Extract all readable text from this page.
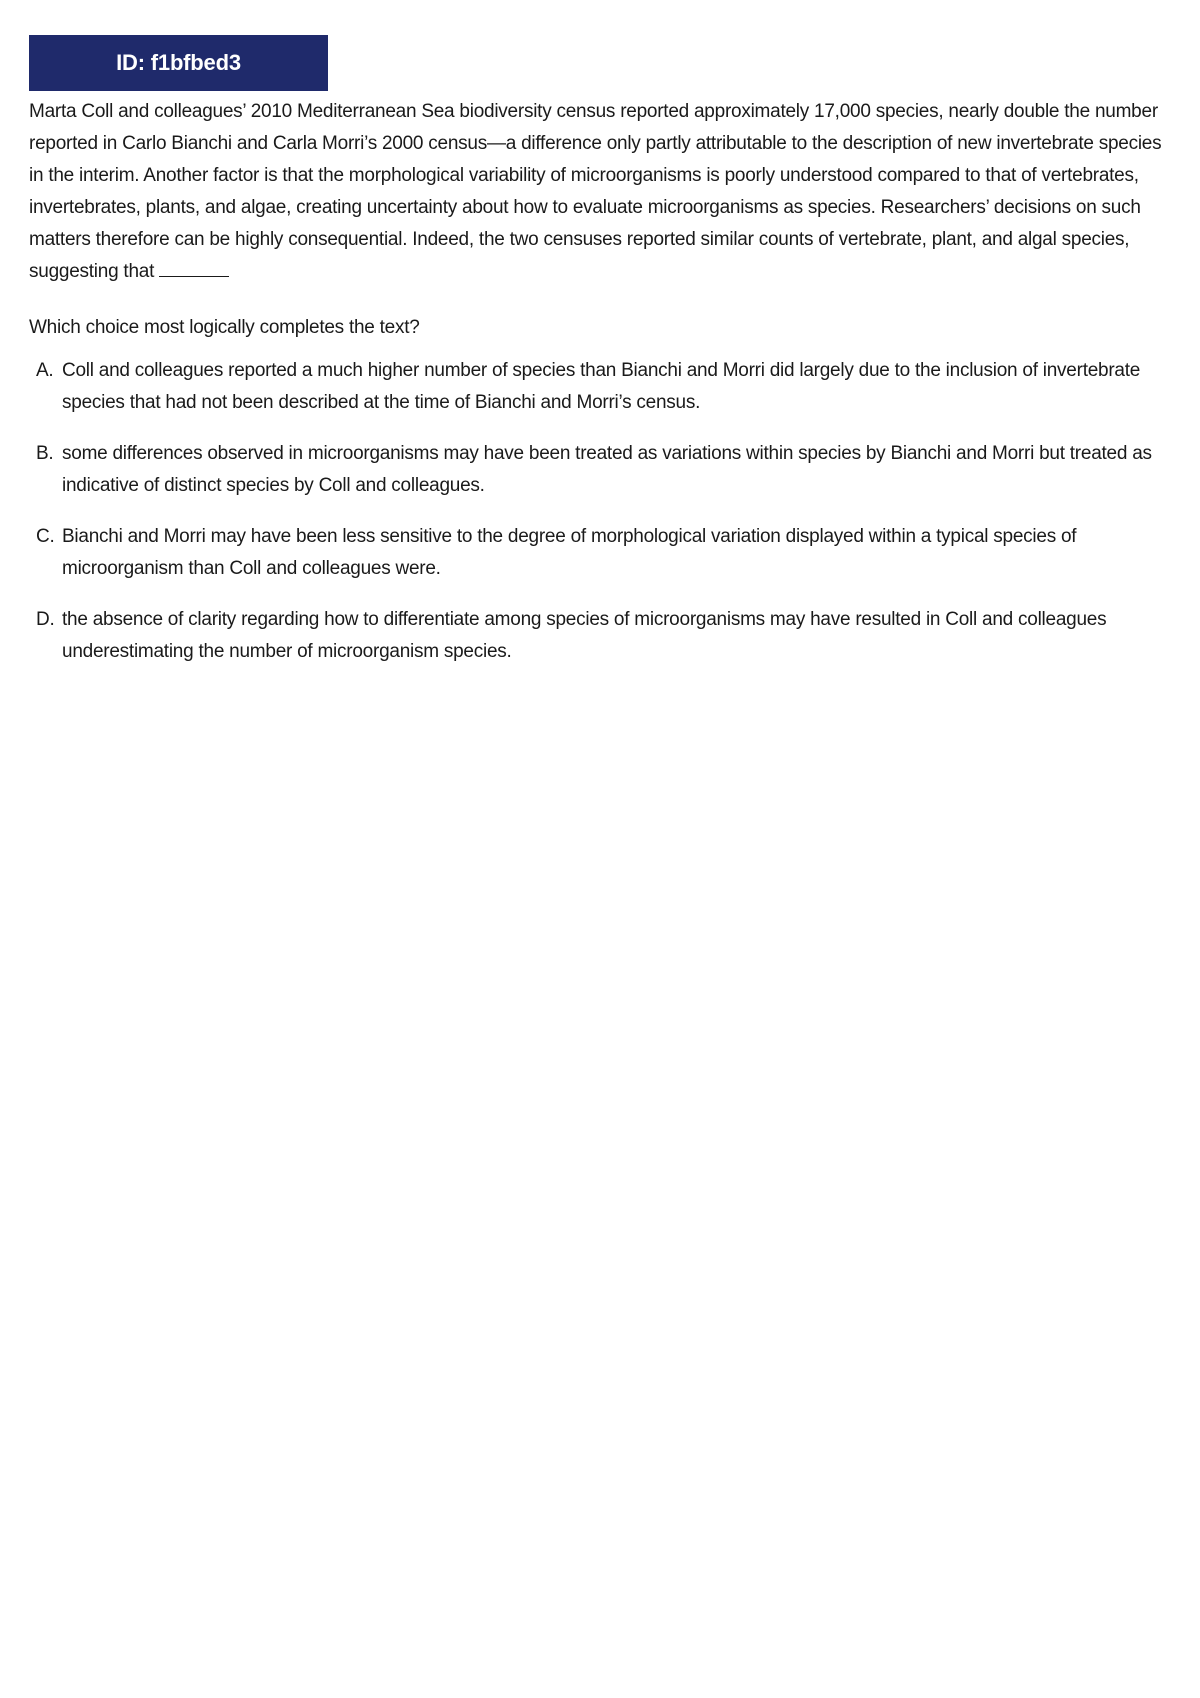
ID: f1bfbed3
Marta Coll and colleagues’ 2010 Mediterranean Sea biodiversity census reported approximately 17,000 species, nearly double the number reported in Carlo Bianchi and Carla Morri’s 2000 census—a difference only partly attributable to the description of new invertebrate species in the interim. Another factor is that the morphological variability of microorganisms is poorly understood compared to that of vertebrates, invertebrates, plants, and algae, creating uncertainty about how to evaluate microorganisms as species. Researchers’ decisions on such matters therefore can be highly consequential. Indeed, the two censuses reported similar counts of vertebrate, plant, and algal species, suggesting that
Which choice most logically completes the text?
A. Coll and colleagues reported a much higher number of species than Bianchi and Morri did largely due to the inclusion of invertebrate species that had not been described at the time of Bianchi and Morri’s census.
B. some differences observed in microorganisms may have been treated as variations within species by Bianchi and Morri but treated as indicative of distinct species by Coll and colleagues.
C. Bianchi and Morri may have been less sensitive to the degree of morphological variation displayed within a typical species of microorganism than Coll and colleagues were.
D. the absence of clarity regarding how to differentiate among species of microorganisms may have resulted in Coll and colleagues underestimating the number of microorganism species.
